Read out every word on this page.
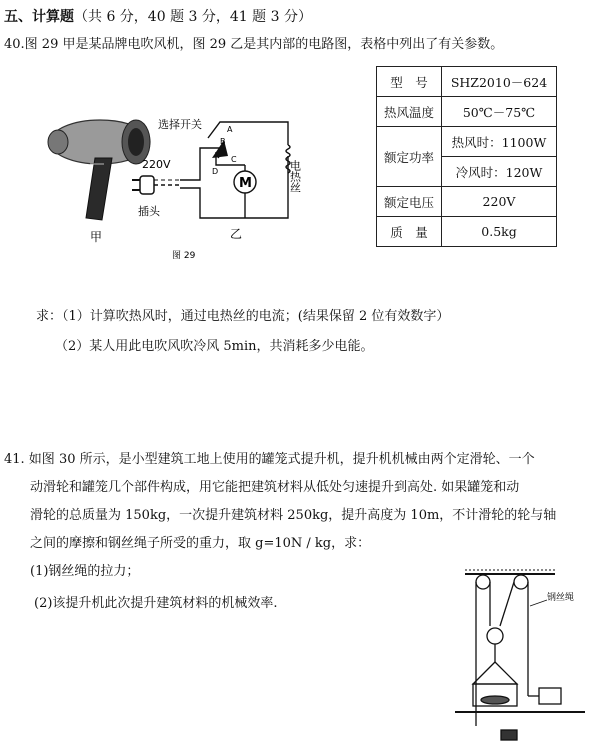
五、计算题（共 6 分，40 题 3 分，41 题 3 分）
40.图 29 甲是某品牌电吹风机，图 29 乙是其内部的电路图，表格中列出了有关参数。
甲
220V
插头
M
选择开关	A
B
C
D	电热丝
乙
图 29
型　号	SHZ2010－624
热风温度	50℃－75℃
额定功率	热风时：1100W
	冷风时：120W
额定电压	220V
质　量	0.5kg
求：（1）计算吹热风时，通过电热丝的电流；(结果保留 2 位有效数字）
（2）某人用此电吹风吹冷风 5min，共消耗多少电能。
41. 如图 30 所示，是小型建筑工地上使用的罐笼式提升机，提升机机械由两个定滑轮、一个
动滑轮和罐笼几个部件构成，用它能把建筑材料从低处匀速提升到高处. 如果罐笼和动
滑轮的总质量为 150kg，一次提升建筑材料 250kg，提升高度为 10m，不计滑轮的轮与轴
之间的摩擦和钢丝绳子所受的重力，取 g=10N / kg，求：
(1)钢丝绳的拉力；
(2)该提升机此次提升建筑材料的机械效率.	钢丝绳
